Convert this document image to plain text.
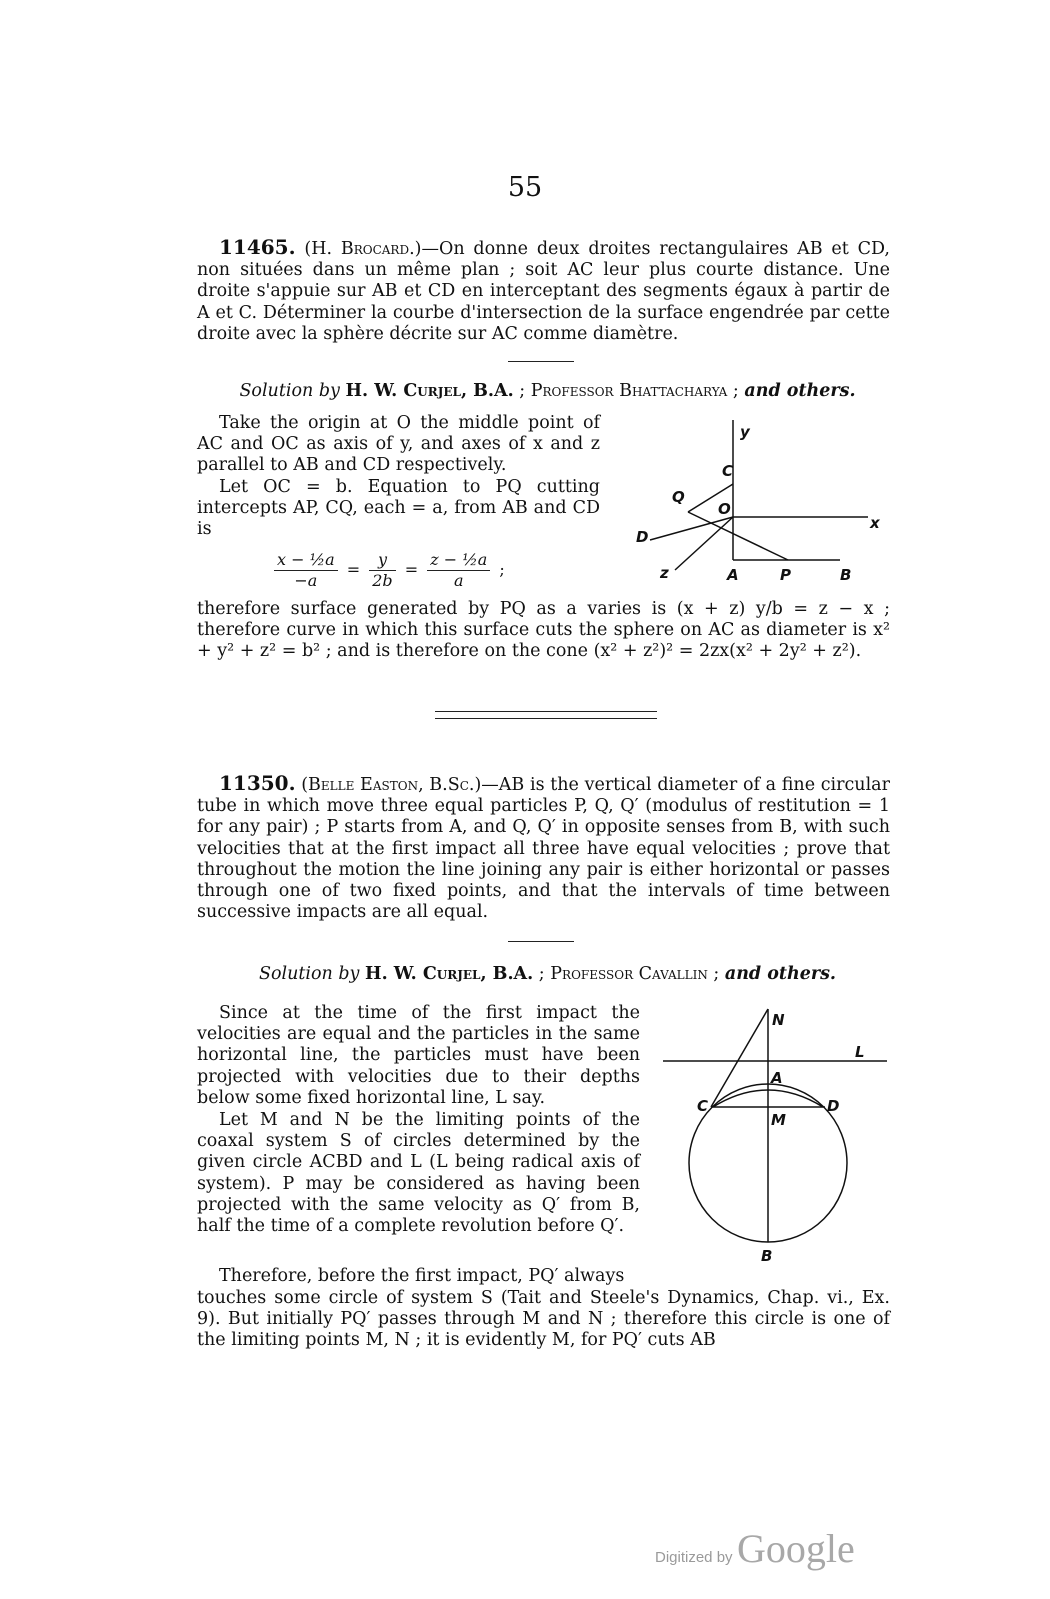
55
11465. (H. Brocard.)—On donne deux droites rectangulaires AB et CD, non situées dans un même plan ; soit AC leur plus courte distance. Une droite s'appuie sur AB et CD en interceptant des segments égaux à partir de A et C. Déterminer la courbe d'intersection de la surface engendrée par cette droite avec la sphère décrite sur AC comme diamètre.
Solution by H. W. Curjel, B.A. ; Professor Bhattacharya ; and others.
Take the origin at O the middle point of AC and OC as axis of y, and axes of x and z parallel to AB and CD respectively.
Let OC = b. Equation to PQ cutting intercepts AP, CQ, each = a, from AB and CD is
$\frac{\text{x − ½a}}{-a} = \frac{y}{2b} = \frac{\text{z − ½a}}{a}$ ;
y
C
Q
O
x
D
z	A	P	B
therefore surface generated by PQ as a varies is (x + z) y/b = z − x ; therefore curve in which this surface cuts the sphere on AC as diameter is x² + y² + z² = b² ; and is therefore on the cone (x² + z²)² = 2zx(x² + 2y² + z²).
11350. (Belle Easton, B.Sc.)—AB is the vertical diameter of a fine circular tube in which move three equal particles P, Q, Q′ (modulus of restitution = 1 for any pair) ; P starts from A, and Q, Q′ in opposite senses from B, with such velocities that at the first impact all three have equal velocities ; prove that throughout the motion the line joining any pair is either horizontal or passes through one of two fixed points, and that the intervals of time between successive impacts are all equal.
Solution by H. W. Curjel, B.A. ; Professor Cavallin ; and others.
Since at the time of the first impact the velocities are equal and the particles in the same horizontal line, the particles must have been projected with velocities due to their depths below some fixed horizontal line, L say.
Let M and N be the limiting points of the coaxal system S of circles determined by the given circle ACBD and L (L being radical axis of system). P may be considered as having been projected with the same velocity as Q′ from B, half the time of a complete revolution before Q′.
Therefore, before the first impact, PQ′ always
touches some circle of system S (Tait and Steele's Dynamics, Chap. vi., Ex. 9). But initially PQ′ passes through M and N ; therefore this circle is one of the limiting points M, N ; it is evidently M, for PQ′ cuts AB
N
L
A
C	D
M
B
Digitized by Google
